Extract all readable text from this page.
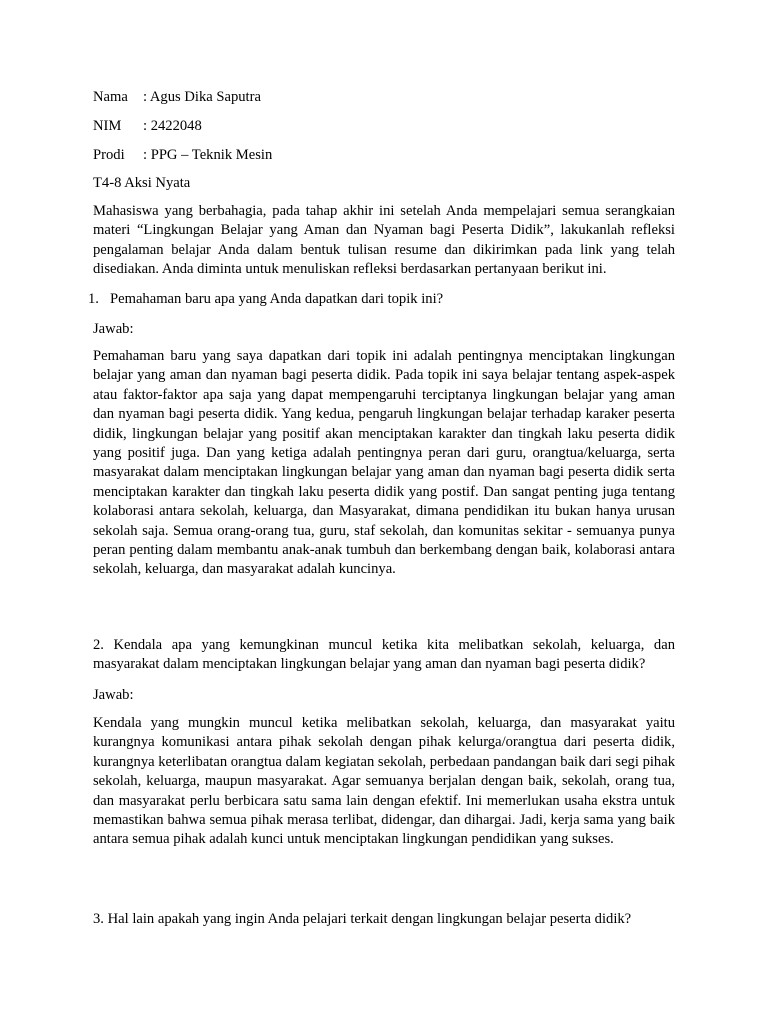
Nama : Agus Dika Saputra
NIM : 2422048
Prodi : PPG – Teknik Mesin
T4-8 Aksi Nyata
Mahasiswa yang berbahagia, pada tahap akhir ini setelah Anda mempelajari semua serangkaian materi “Lingkungan Belajar yang Aman dan Nyaman bagi Peserta Didik”, lakukanlah refleksi pengalaman belajar Anda dalam bentuk tulisan resume dan dikirimkan pada link yang telah disediakan. Anda diminta untuk menuliskan refleksi berdasarkan pertanyaan berikut ini.
1. Pemahaman baru apa yang Anda dapatkan dari topik ini?
Jawab:
Pemahaman baru yang saya dapatkan dari topik ini adalah pentingnya menciptakan lingkungan belajar yang aman dan nyaman bagi peserta didik. Pada topik ini saya belajar tentang aspek-aspek atau faktor-faktor apa saja yang dapat mempengaruhi terciptanya lingkungan belajar yang aman dan nyaman bagi peserta didik. Yang kedua, pengaruh lingkungan belajar terhadap karaker peserta didik, lingkungan belajar yang positif akan menciptakan karakter dan tingkah laku peserta didik yang positif juga. Dan yang ketiga adalah pentingnya peran dari guru, orangtua/keluarga, serta masyarakat dalam menciptakan lingkungan belajar yang aman dan nyaman bagi peserta didik serta menciptakan karakter dan tingkah laku peserta didik yang postif. Dan sangat penting juga tentang kolaborasi antara sekolah, keluarga, dan Masyarakat, dimana pendidikan itu bukan hanya urusan sekolah saja. Semua orang-orang tua, guru, staf sekolah, dan komunitas sekitar - semuanya punya peran penting dalam membantu anak-anak tumbuh dan berkembang dengan baik, kolaborasi antara sekolah, keluarga, dan masyarakat adalah kuncinya.
2. Kendala apa yang kemungkinan muncul ketika kita melibatkan sekolah, keluarga, dan masyarakat dalam menciptakan lingkungan belajar yang aman dan nyaman bagi peserta didik?
Jawab:
Kendala yang mungkin muncul ketika melibatkan sekolah, keluarga, dan masyarakat yaitu kurangnya komunikasi antara pihak sekolah dengan pihak kelurga/orangtua dari peserta didik, kurangnya keterlibatan orangtua dalam kegiatan sekolah, perbedaan pandangan baik dari segi pihak sekolah, keluarga, maupun masyarakat. Agar semuanya berjalan dengan baik, sekolah, orang tua, dan masyarakat perlu berbicara satu sama lain dengan efektif. Ini memerlukan usaha ekstra untuk memastikan bahwa semua pihak merasa terlibat, didengar, dan dihargai. Jadi, kerja sama yang baik antara semua pihak adalah kunci untuk menciptakan lingkungan pendidikan yang sukses.
3. Hal lain apakah yang ingin Anda pelajari terkait dengan lingkungan belajar peserta didik?
